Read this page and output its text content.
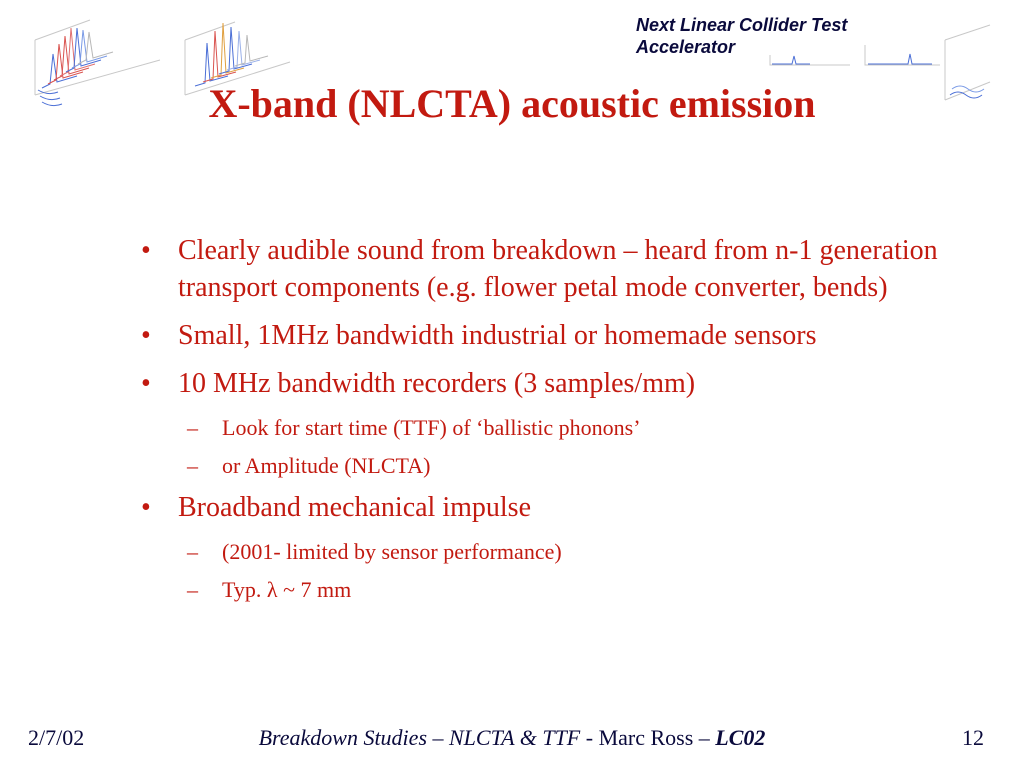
Next Linear Collider Test
Accelerator
X-band (NLCTA) acoustic emission
• Clearly audible sound from breakdown – heard from n-1 generation transport components (e.g. flower petal mode converter, bends)
• Small, 1MHz bandwidth industrial or homemade sensors
• 10 MHz bandwidth recorders (3 samples/mm)
– Look for start time (TTF) of ‘ballistic phonons’
– or Amplitude (NLCTA)
• Broadband mechanical impulse
– (2001- limited by sensor performance)
– Typ. λ ~ 7 mm
2/7/02	Breakdown Studies – NLCTA & TTF - Marc Ross – LC02	12
